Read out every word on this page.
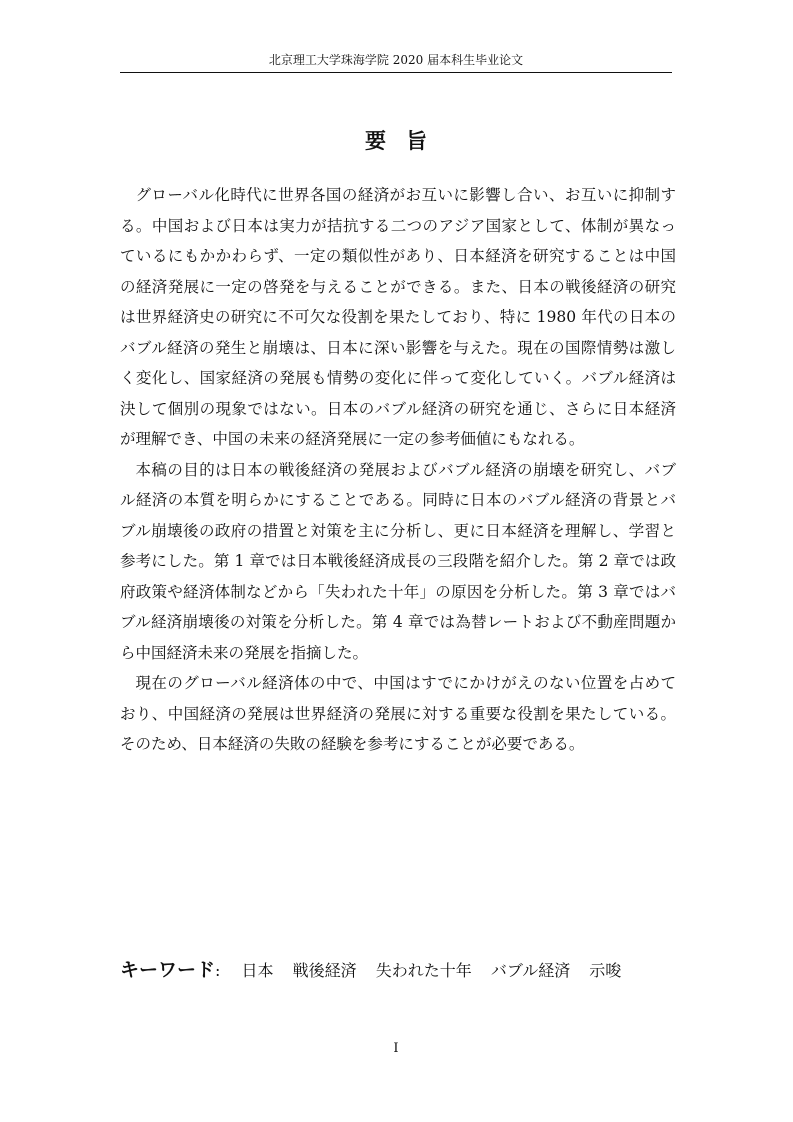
北京理工大学珠海学院 2020 届本科生毕业论文
要旨

グローバル化時代に世界各国の経済がお互いに影響し合い、お互いに抑制する。中国および日本は実力が拮抗する二つのアジア国家として、体制が異なっているにもかかわらず、一定の類似性があり、日本経済を研究することは中国の経済発展に一定の啓発を与えることができる。また、日本の戦後経済の研究は世界経済史の研究に不可欠な役割を果たしており、特に 1980 年代の日本のバブル経済の発生と崩壊は、日本に深い影響を与えた。現在の国際情勢は激しく変化し、国家経済の発展も情勢の変化に伴って変化していく。バブル経済は決して個別の現象ではない。日本のバブル経済の研究を通じ、さらに日本経済が理解でき、中国の未来の経済発展に一定の参考価値にもなれる。

本稿の目的は日本の戦後経済の発展およびバブル経済の崩壊を研究し、バブル経済の本質を明らかにすることである。同時に日本のバブル経済の背景とバブル崩壊後の政府の措置と対策を主に分析し、更に日本経済を理解し、学習と参考にした。第 1 章では日本戦後経済成長の三段階を紹介した。第 2 章では政府政策や経済体制などから「失われた十年」の原因を分析した。第 3 章ではバブル経済崩壊後の対策を分析した。第 4 章では為替レートおよび不動産問題から中国経済未来の発展を指摘した。

現在のグローバル経済体の中で、中国はすでにかけがえのない位置を占めており、中国経済の発展は世界経済の発展に対する重要な役割を果たしている。そのため、日本経済の失敗の経験を参考にすることが必要である。

キーワード: 日本 戦後経済 失われた十年 バブル経済 示唆
I
